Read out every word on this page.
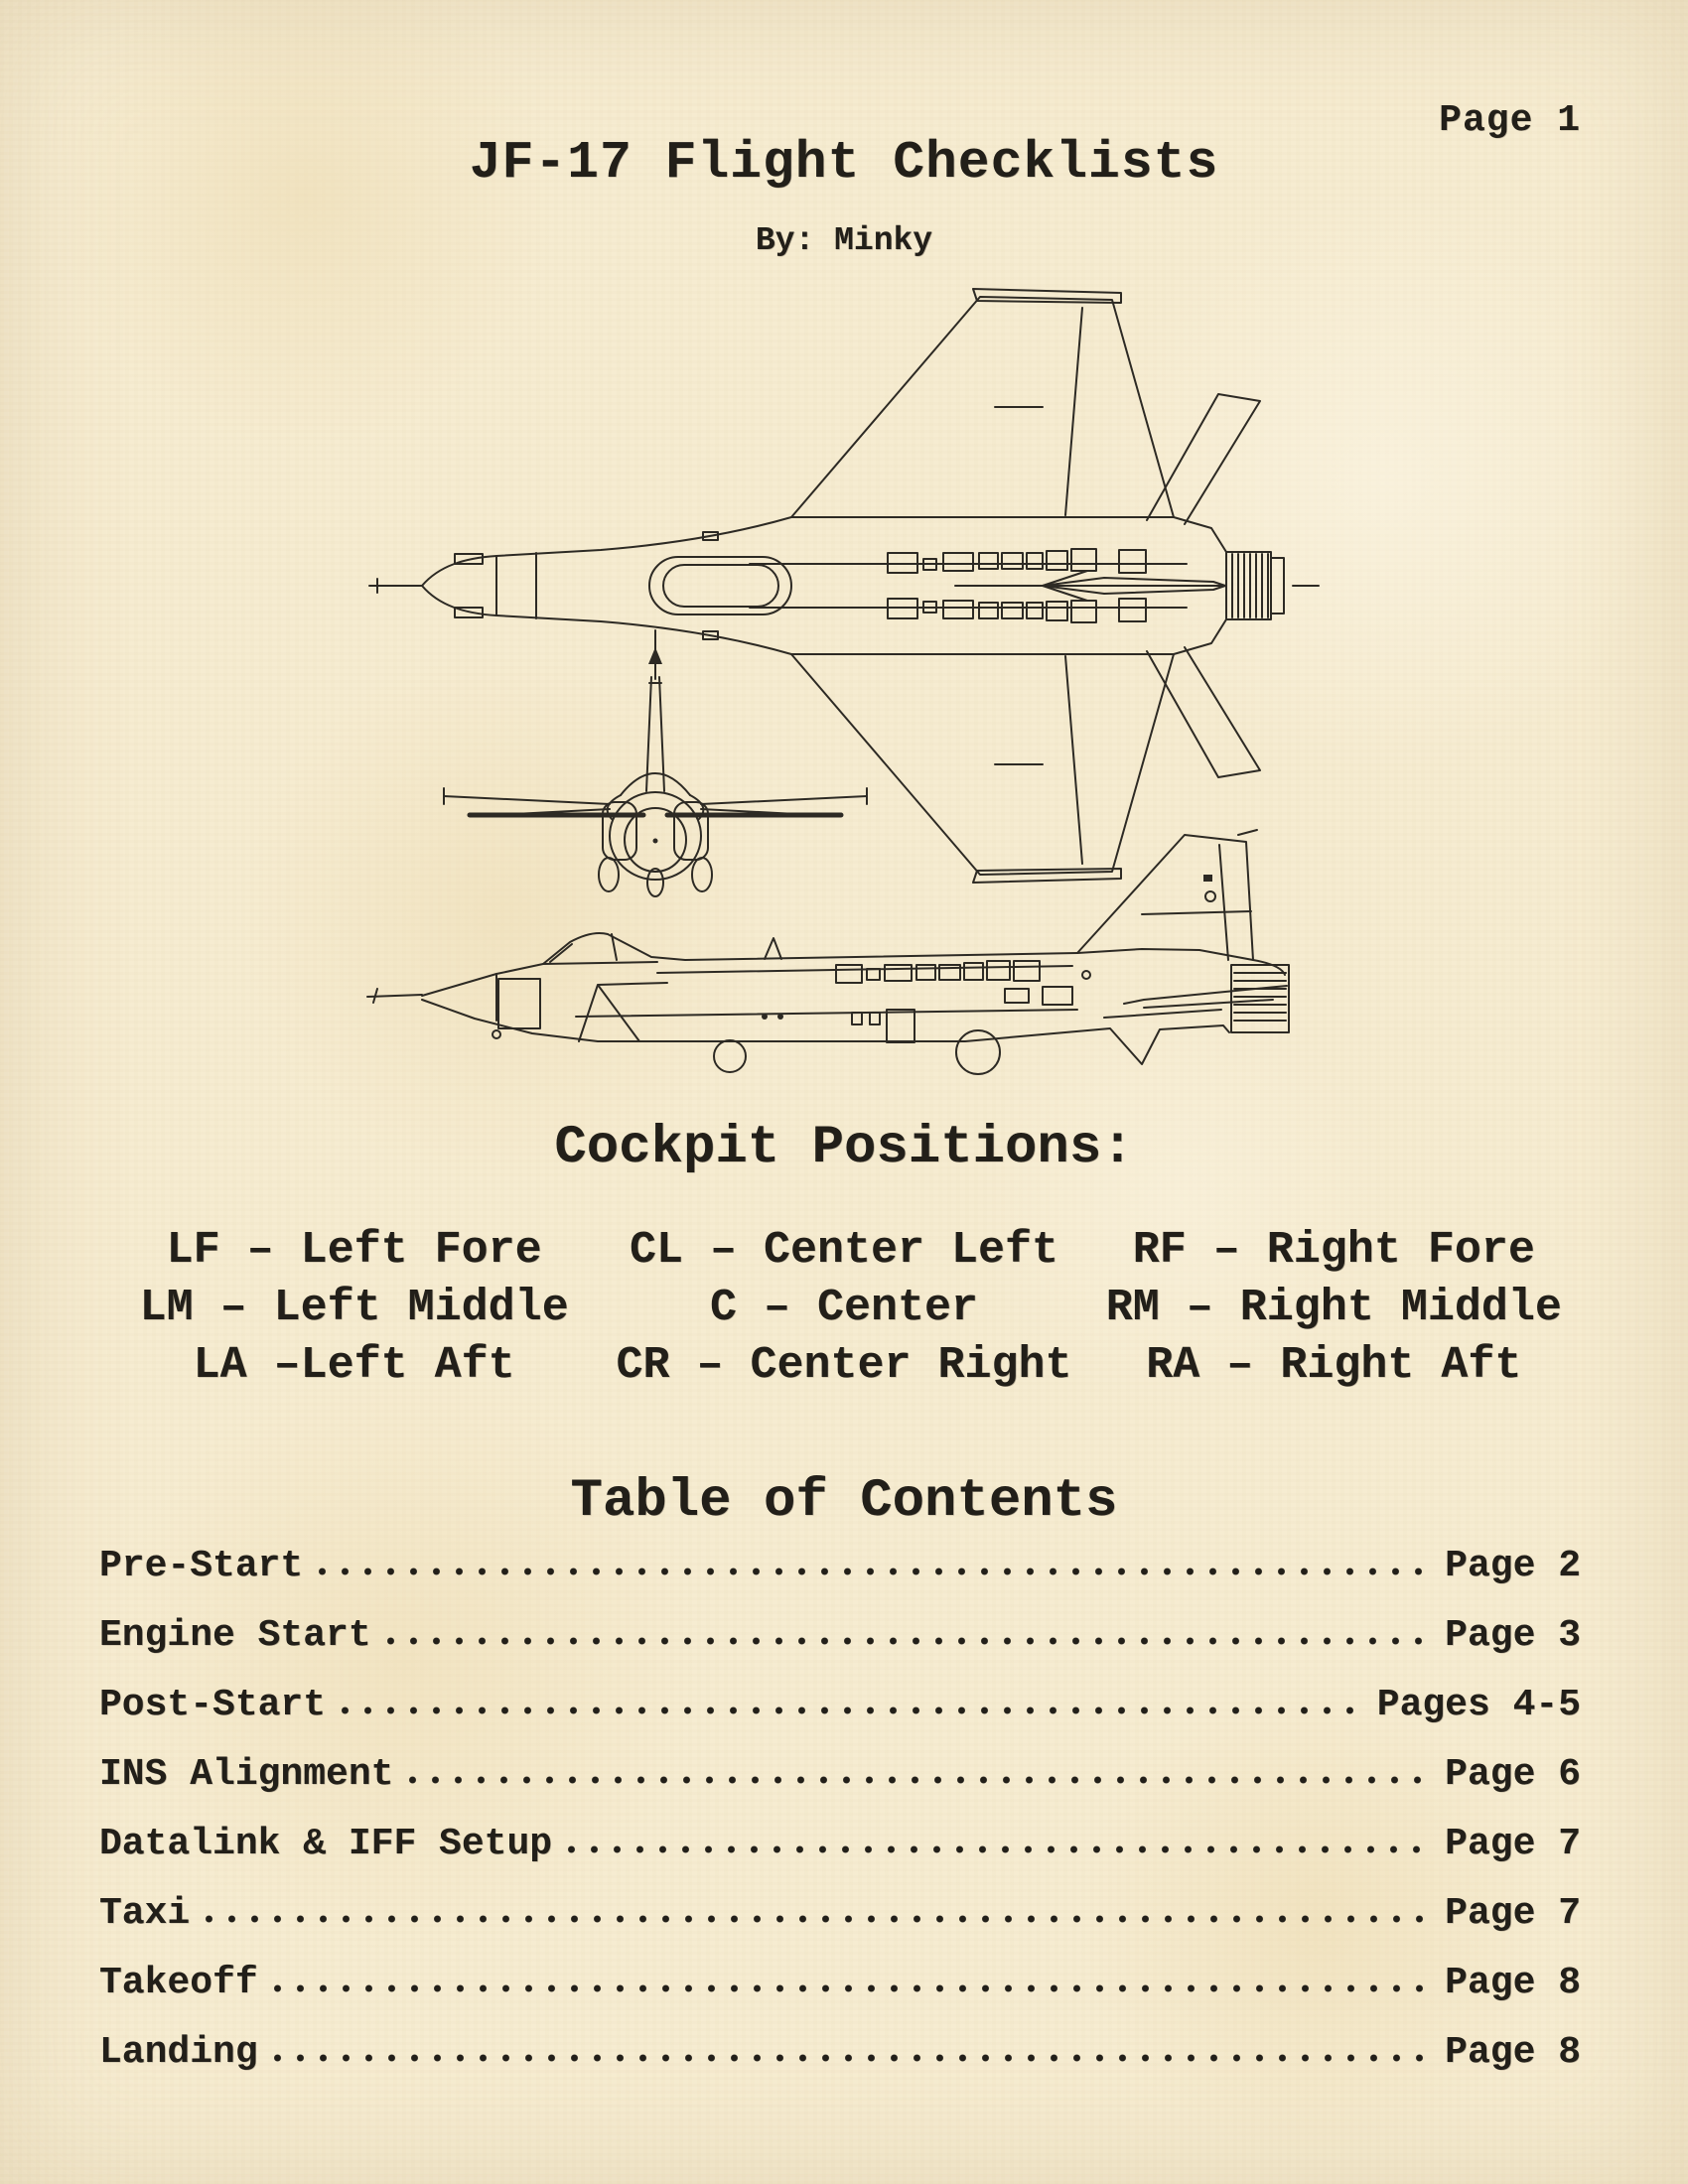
Page 1
JF-17 Flight Checklists
By: Minky
Cockpit Positions:
LF – Left Fore	CL – Center Left	RF – Right Fore
LM – Left Middle	C – Center	RM – Right Middle
LA –Left Aft	CR – Center Right	RA – Right Aft
Table of Contents
Pre-Start	Page 2
Engine Start	Page 3
Post-Start	Pages 4-5
INS Alignment	Page 6
Datalink & IFF Setup	Page 7
Taxi	Page 7
Takeoff	Page 8
Landing	Page 8
